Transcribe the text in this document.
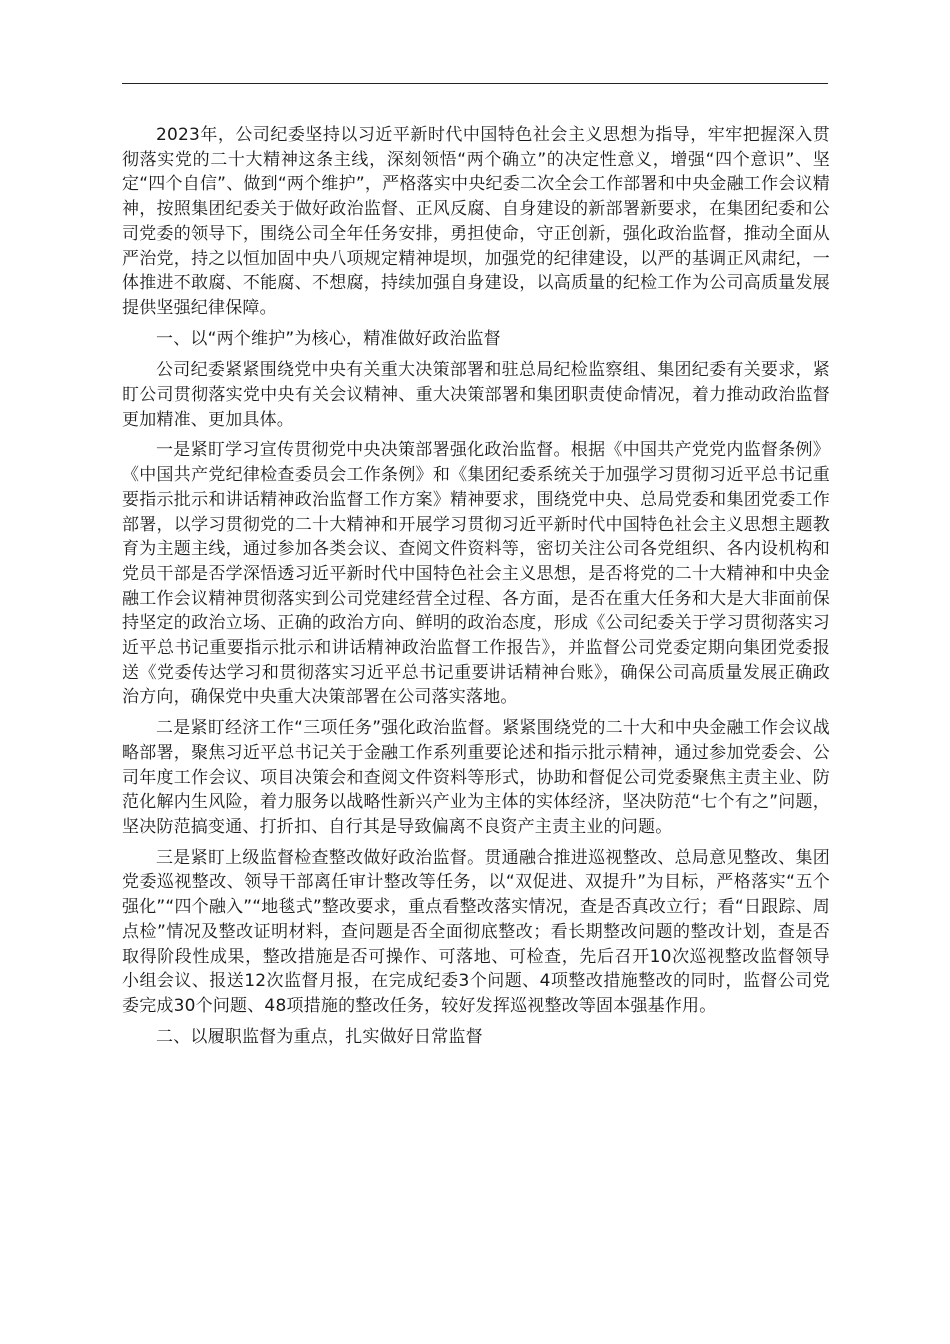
2023年，公司纪委坚持以习近平新时代中国特色社会主义思想为指导，牢牢把握深入贯彻落实党的二十大精神这条主线，深刻领悟“两个确立”的决定性意义，增强“四个意识”、坚定“四个自信”、做到“两个维护”，严格落实中央纪委二次全会工作部署和中央金融工作会议精神，按照集团纪委关于做好政治监督、正风反腐、自身建设的新部署新要求，在集团纪委和公司党委的领导下，围绕公司全年任务安排，勇担使命，守正创新，强化政治监督，推动全面从严治党，持之以恒加固中央八项规定精神堤坝，加强党的纪律建设，以严的基调正风肃纪，一体推进不敢腐、不能腐、不想腐，持续加强自身建设，以高质量的纪检工作为公司高质量发展提供坚强纪律保障。

一、以“两个维护”为核心，精准做好政治监督

公司纪委紧紧围绕党中央有关重大决策部署和驻总局纪检监察组、集团纪委有关要求，紧盯公司贯彻落实党中央有关会议精神、重大决策部署和集团职责使命情况，着力推动政治监督更加精准、更加具体。

一是紧盯学习宣传贯彻党中央决策部署强化政治监督。根据《中国共产党党内监督条例》《中国共产党纪律检查委员会工作条例》和《集团纪委系统关于加强学习贯彻习近平总书记重要指示批示和讲话精神政治监督工作方案》精神要求，围绕党中央、总局党委和集团党委工作部署，以学习贯彻党的二十大精神和开展学习贯彻习近平新时代中国特色社会主义思想主题教育为主题主线，通过参加各类会议、查阅文件资料等，密切关注公司各党组织、各内设机构和党员干部是否学深悟透习近平新时代中国特色社会主义思想，是否将党的二十大精神和中央金融工作会议精神贯彻落实到公司党建经营全过程、各方面，是否在重大任务和大是大非面前保持坚定的政治立场、正确的政治方向、鲜明的政治态度，形成《公司纪委关于学习贯彻落实习近平总书记重要指示批示和讲话精神政治监督工作报告》，并监督公司党委定期向集团党委报送《党委传达学习和贯彻落实习近平总书记重要讲话精神台账》，确保公司高质量发展正确政治方向，确保党中央重大决策部署在公司落实落地。

二是紧盯经济工作“三项任务”强化政治监督。紧紧围绕党的二十大和中央金融工作会议战略部署，聚焦习近平总书记关于金融工作系列重要论述和指示批示精神，通过参加党委会、公司年度工作会议、项目决策会和查阅文件资料等形式，协助和督促公司党委聚焦主责主业、防范化解内生风险，着力服务以战略性新兴产业为主体的实体经济，坚决防范“七个有之”问题，坚决防范搞变通、打折扣、自行其是导致偏离不良资产主责主业的问题。

三是紧盯上级监督检查整改做好政治监督。贯通融合推进巡视整改、总局意见整改、集团党委巡视整改、领导干部离任审计整改等任务，以“双促进、双提升”为目标，严格落实“五个强化”“四个融入”“地毯式”整改要求，重点看整改落实情况，查是否真改立行；看“日跟踪、周点检”情况及整改证明材料，查问题是否全面彻底整改；看长期整改问题的整改计划，查是否取得阶段性成果，整改措施是否可操作、可落地、可检查，先后召开10次巡视整改监督领导小组会议、报送12次监督月报，在完成纪委3个问题、4项整改措施整改的同时，监督公司党委完成30个问题、48项措施的整改任务，较好发挥巡视整改等固本强基作用。

二、以履职监督为重点，扎实做好日常监督
